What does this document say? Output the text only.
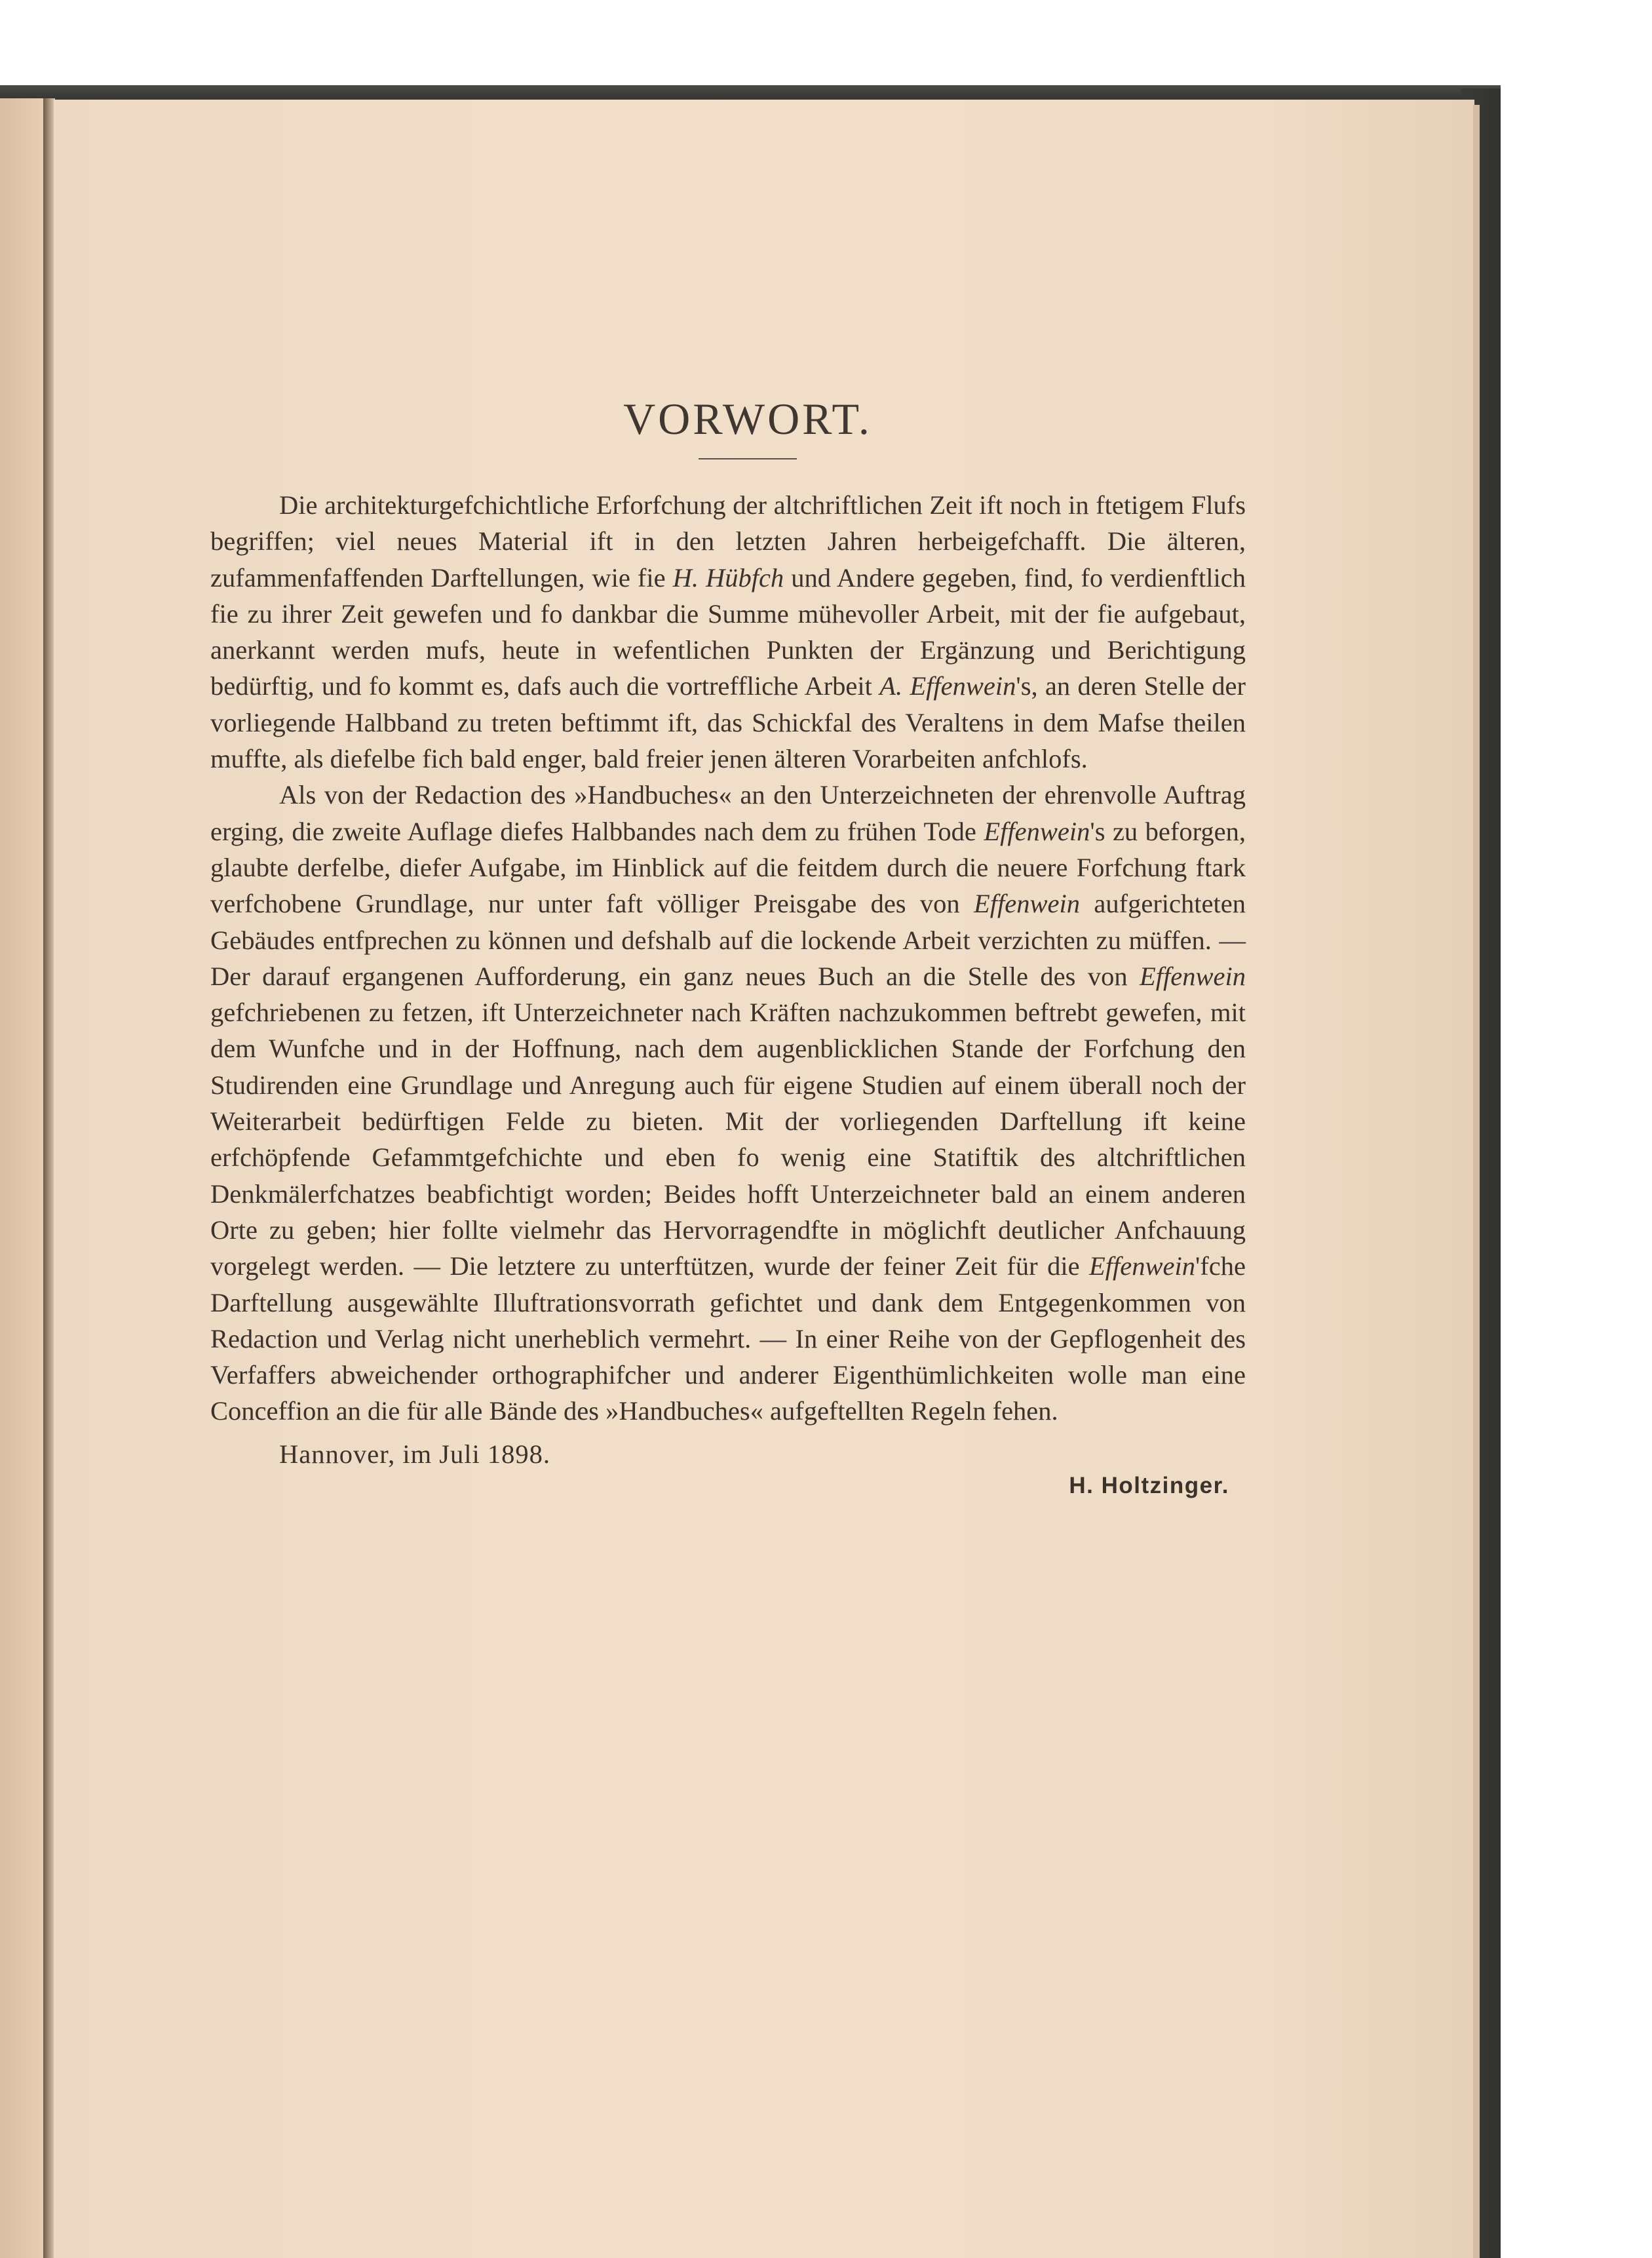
VORWORT.

Die architekturgefchichtliche Erforfchung der altchriftlichen Zeit ift noch in ftetigem Flufs begriffen; viel neues Material ift in den letzten Jahren herbeigefchafft. Die älteren, zufammenfaffenden Darftellungen, wie fie H. Hübfch und Andere gegeben, find, fo verdienftlich fie zu ihrer Zeit gewefen und fo dankbar die Summe mühevoller Arbeit, mit der fie aufgebaut, anerkannt werden mufs, heute in wefentlichen Punkten der Ergänzung und Berichtigung bedürftig, und fo kommt es, dafs auch die vortreffliche Arbeit A. Effenwein's, an deren Stelle der vorliegende Halbband zu treten beftimmt ift, das Schickfal des Veraltens in dem Mafse theilen muffte, als diefelbe fich bald enger, bald freier jenen älteren Vorarbeiten anfchlofs.

Als von der Redaction des »Handbuches« an den Unterzeichneten der ehrenvolle Auftrag erging, die zweite Auflage diefes Halbbandes nach dem zu frühen Tode Effenwein's zu beforgen, glaubte derfelbe, diefer Aufgabe, im Hinblick auf die feitdem durch die neuere Forfchung ftark verfchobene Grundlage, nur unter faft völliger Preisgabe des von Effenwein aufgerichteten Gebäudes entfprechen zu können und defshalb auf die lockende Arbeit verzichten zu müffen. — Der darauf ergangenen Aufforderung, ein ganz neues Buch an die Stelle des von Effenwein gefchriebenen zu fetzen, ift Unterzeichneter nach Kräften nachzukommen beftrebt gewefen, mit dem Wunfche und in der Hoffnung, nach dem augenblicklichen Stande der Forfchung den Studirenden eine Grundlage und Anregung auch für eigene Studien auf einem überall noch der Weiterarbeit bedürftigen Felde zu bieten. Mit der vorliegenden Darftellung ift keine erfchöpfende Gefammtgefchichte und eben fo wenig eine Statiftik des altchriftlichen Denkmälerfchatzes beabfichtigt worden; Beides hofft Unterzeichneter bald an einem anderen Orte zu geben; hier follte vielmehr das Hervorragendfte in möglichft deutlicher Anfchauung vorgelegt werden. — Die letztere zu unterftützen, wurde der feiner Zeit für die Effenwein'fche Darftellung ausgewählte Illuftrationsvorrath gefichtet und dank dem Entgegenkommen von Redaction und Verlag nicht unerheblich vermehrt. — In einer Reihe von der Gepflogenheit des Verfaffers abweichender orthographifcher und anderer Eigenthümlichkeiten wolle man eine Conceffion an die für alle Bände des »Handbuches« aufgeftellten Regeln fehen.

Hannover, im Juli 1898.
H. Holtzinger.
